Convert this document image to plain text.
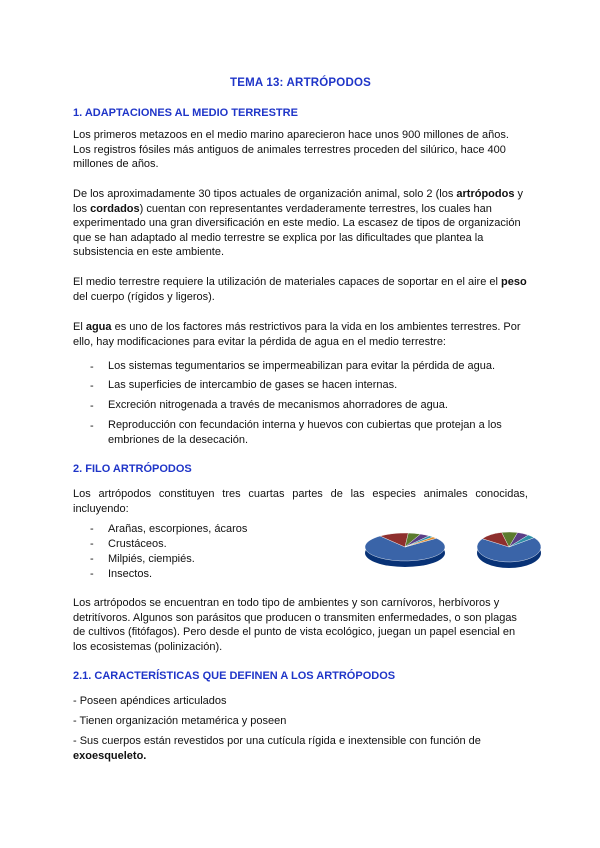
TEMA 13: ARTRÓPODOS
1. ADAPTACIONES AL MEDIO TERRESTRE

Los primeros metazoos en el medio marino aparecieron hace unos 900 millones de años. Los registros fósiles más antiguos de animales terrestres proceden del silúrico, hace 400 millones de años.

De los aproximadamente 30 tipos actuales de organización animal, solo 2 (los artrópodos y los cordados) cuentan con representantes verdaderamente terrestres, los cuales han experimentado una gran diversificación en este medio. La escasez de tipos de organización que se han adaptado al medio terrestre se explica por las dificultades que plantea la subsistencia en este ambiente.

El medio terrestre requiere la utilización de materiales capaces de soportar en el aire el peso del cuerpo (rígidos y ligeros).

El agua es uno de los factores más restrictivos para la vida en los ambientes terrestres. Por ello, hay modificaciones para evitar la pérdida de agua en el medio terrestre:

- Los sistemas tegumentarios se impermeabilizan para evitar la pérdida de agua.
- Las superficies de intercambio de gases se hacen internas.
- Excreción nitrogenada a través de mecanismos ahorradores de agua.
- Reproducción con fecundación interna y huevos con cubiertas que protejan a los embriones de la desecación.
2. FILO ARTRÓPODOS

Los artrópodos constituyen tres cuartas partes de las especies animales conocidas, incluyendo:

- Arañas, escorpiones, ácaros
- Crustáceos.
- Milpiés, ciempiés.
- Insectos.

Los artrópodos se encuentran en todo tipo de ambientes y son carnívoros, herbívoros y detritívoros. Algunos son parásitos que producen o transmiten enfermedades, o son plagas de cultivos (fitófagos). Pero desde el punto de vista ecológico, juegan un papel esencial en los ecosistemas (polinización).

2.1. CARACTERÍSTICAS QUE DEFINEN A LOS ARTRÓPODOS
- Poseen apéndices articulados
- Tienen organización metamérica y poseen
- Sus cuerpos están revestidos por una cutícula rígida e inextensible con función de
exoesqueleto.
